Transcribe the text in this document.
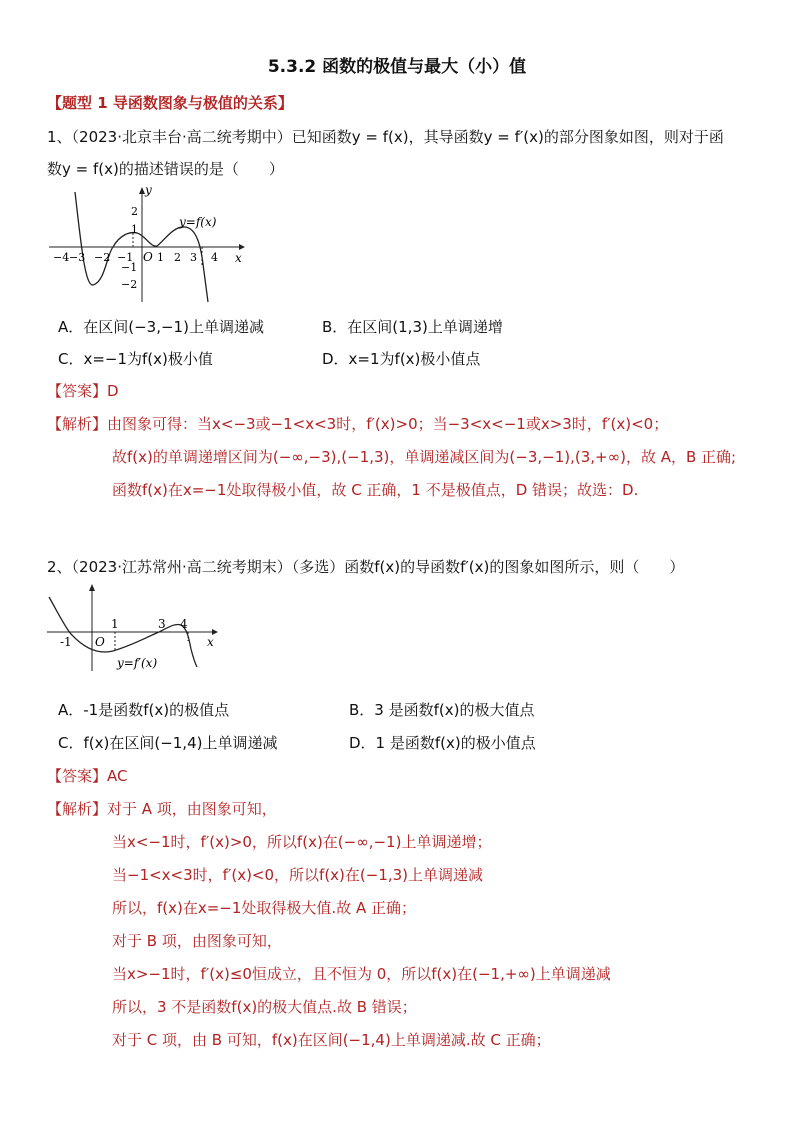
5.3.2 函数的极值与最大（小）值
【题型 1 导函数图象与极值的关系】
1、（2023·北京丰台·高二统考期中）已知函数y = f(x)，其导函数y = f′(x)的部分图象如图，则对于函
数y = f(x)的描述错误的是（　　）
y
x
O
y=f(x)
−4 −3 −2 −1 1 2 3 4
2
1
−1
−2
A．在区间(−3,−1)上单调递减	B．在区间(1,3)上单调递增
C．x=−1为f(x)极小值	D．x=1为f(x)极小值点
【答案】D
【解析】由图象可得：当x<−3或−1<x<3时，f′(x)>0；当−3<x<−1或x>3时，f′(x)<0；
故f(x)的单调递增区间为(−∞,−3),(−1,3)，单调递减区间为(−3,−1),(3,+∞)，故 A，B 正确;
函数f(x)在x=−1处取得极小值，故 C 正确，1 不是极值点，D 错误；故选：D.
2、（2023·江苏常州·高二统考期末）（多选）函数f(x)的导函数f′(x)的图象如图所示，则（　　）
x
O
y=f′(x)
-1
1	3 4
A．-1是函数f(x)的极值点	B．3 是函数f(x)的极大值点
C．f(x)在区间(−1,4)上单调递减	D．1 是函数f(x)的极小值点
【答案】AC
【解析】对于 A 项，由图象可知，
当x<−1时，f′(x)>0，所以f(x)在(−∞,−1)上单调递增；
当−1<x<3时，f′(x)<0，所以f(x)在(−1,3)上单调递减
所以，f(x)在x=−1处取得极大值.故 A 正确；
对于 B 项，由图象可知，
当x>−1时，f′(x)≤0恒成立，且不恒为 0，所以f(x)在(−1,+∞)上单调递减
所以，3 不是函数f(x)的极大值点.故 B 错误；
对于 C 项，由 B 可知，f(x)在区间(−1,4)上单调递减.故 C 正确；
